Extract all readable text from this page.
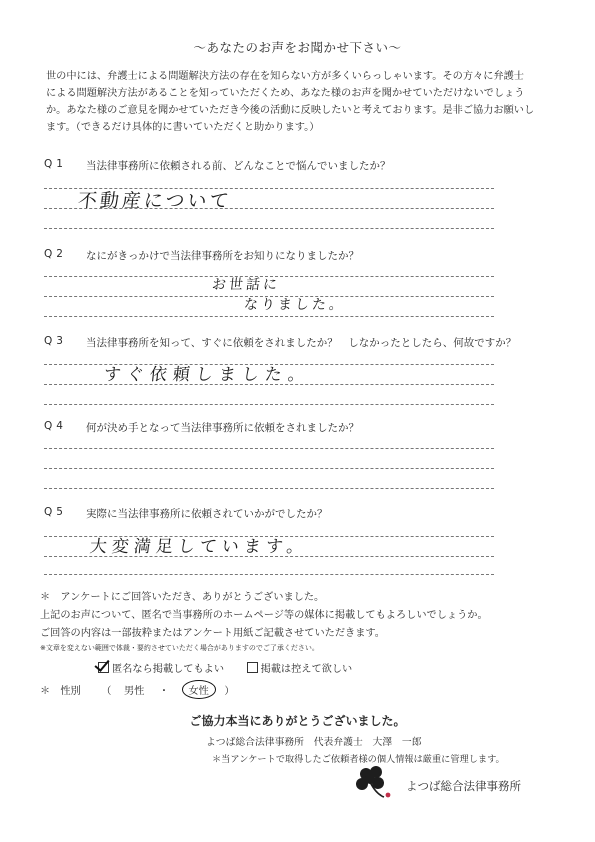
～あなたのお声をお聞かせ下さい～

世の中には、弁護士による問題解決方法の存在を知らない方が多くいらっしゃいます。その方々に弁護士

による問題解決方法があることを知っていただくため、あなた様のお声を聞かせていただけないでしょう

か。あなた様のご意見を聞かせていただき今後の活動に反映したいと考えております。是非ご協力お願いし

ます。（できるだけ具体的に書いていただくと助かります。）

Q1 当法律事務所に依頼される前、どんなことで悩んでいましたか？
不動産について
Q2 なにがきっかけで当法律事務所をお知りになりましたか？
お世話に
なりました。
Q3 当法律事務所を知って、すぐに依頼をされましたか？　しなかったとしたら、何故ですか？
すぐ依頼しました。
Q4 何が決め手となって当法律事務所に依頼をされましたか？
Q5 実際に当法律事務所に依頼されていかがでしたか？
大変満足しています。
＊　アンケートにご回答いただき、ありがとうございました。
上記のお声について、匿名で当事務所のホームページ等の媒体に掲載してもよろしいでしょうか。
ご回答の内容は一部抜粋またはアンケート用紙ご記載させていただきます。
※文章を変えない範囲で体裁・要約させていただく場合がありますのでご了承ください。
匿名なら掲載してもよい	掲載は控えて欲しい
＊　性別 （ 男性 ・ 女性 ）
ご協力本当にありがとうございました。
よつば総合法律事務所　代表弁護士　大澤　一郎
＊当アンケートで取得したご依頼者様の個人情報は厳重に管理します。
よつば総合法律事務所
